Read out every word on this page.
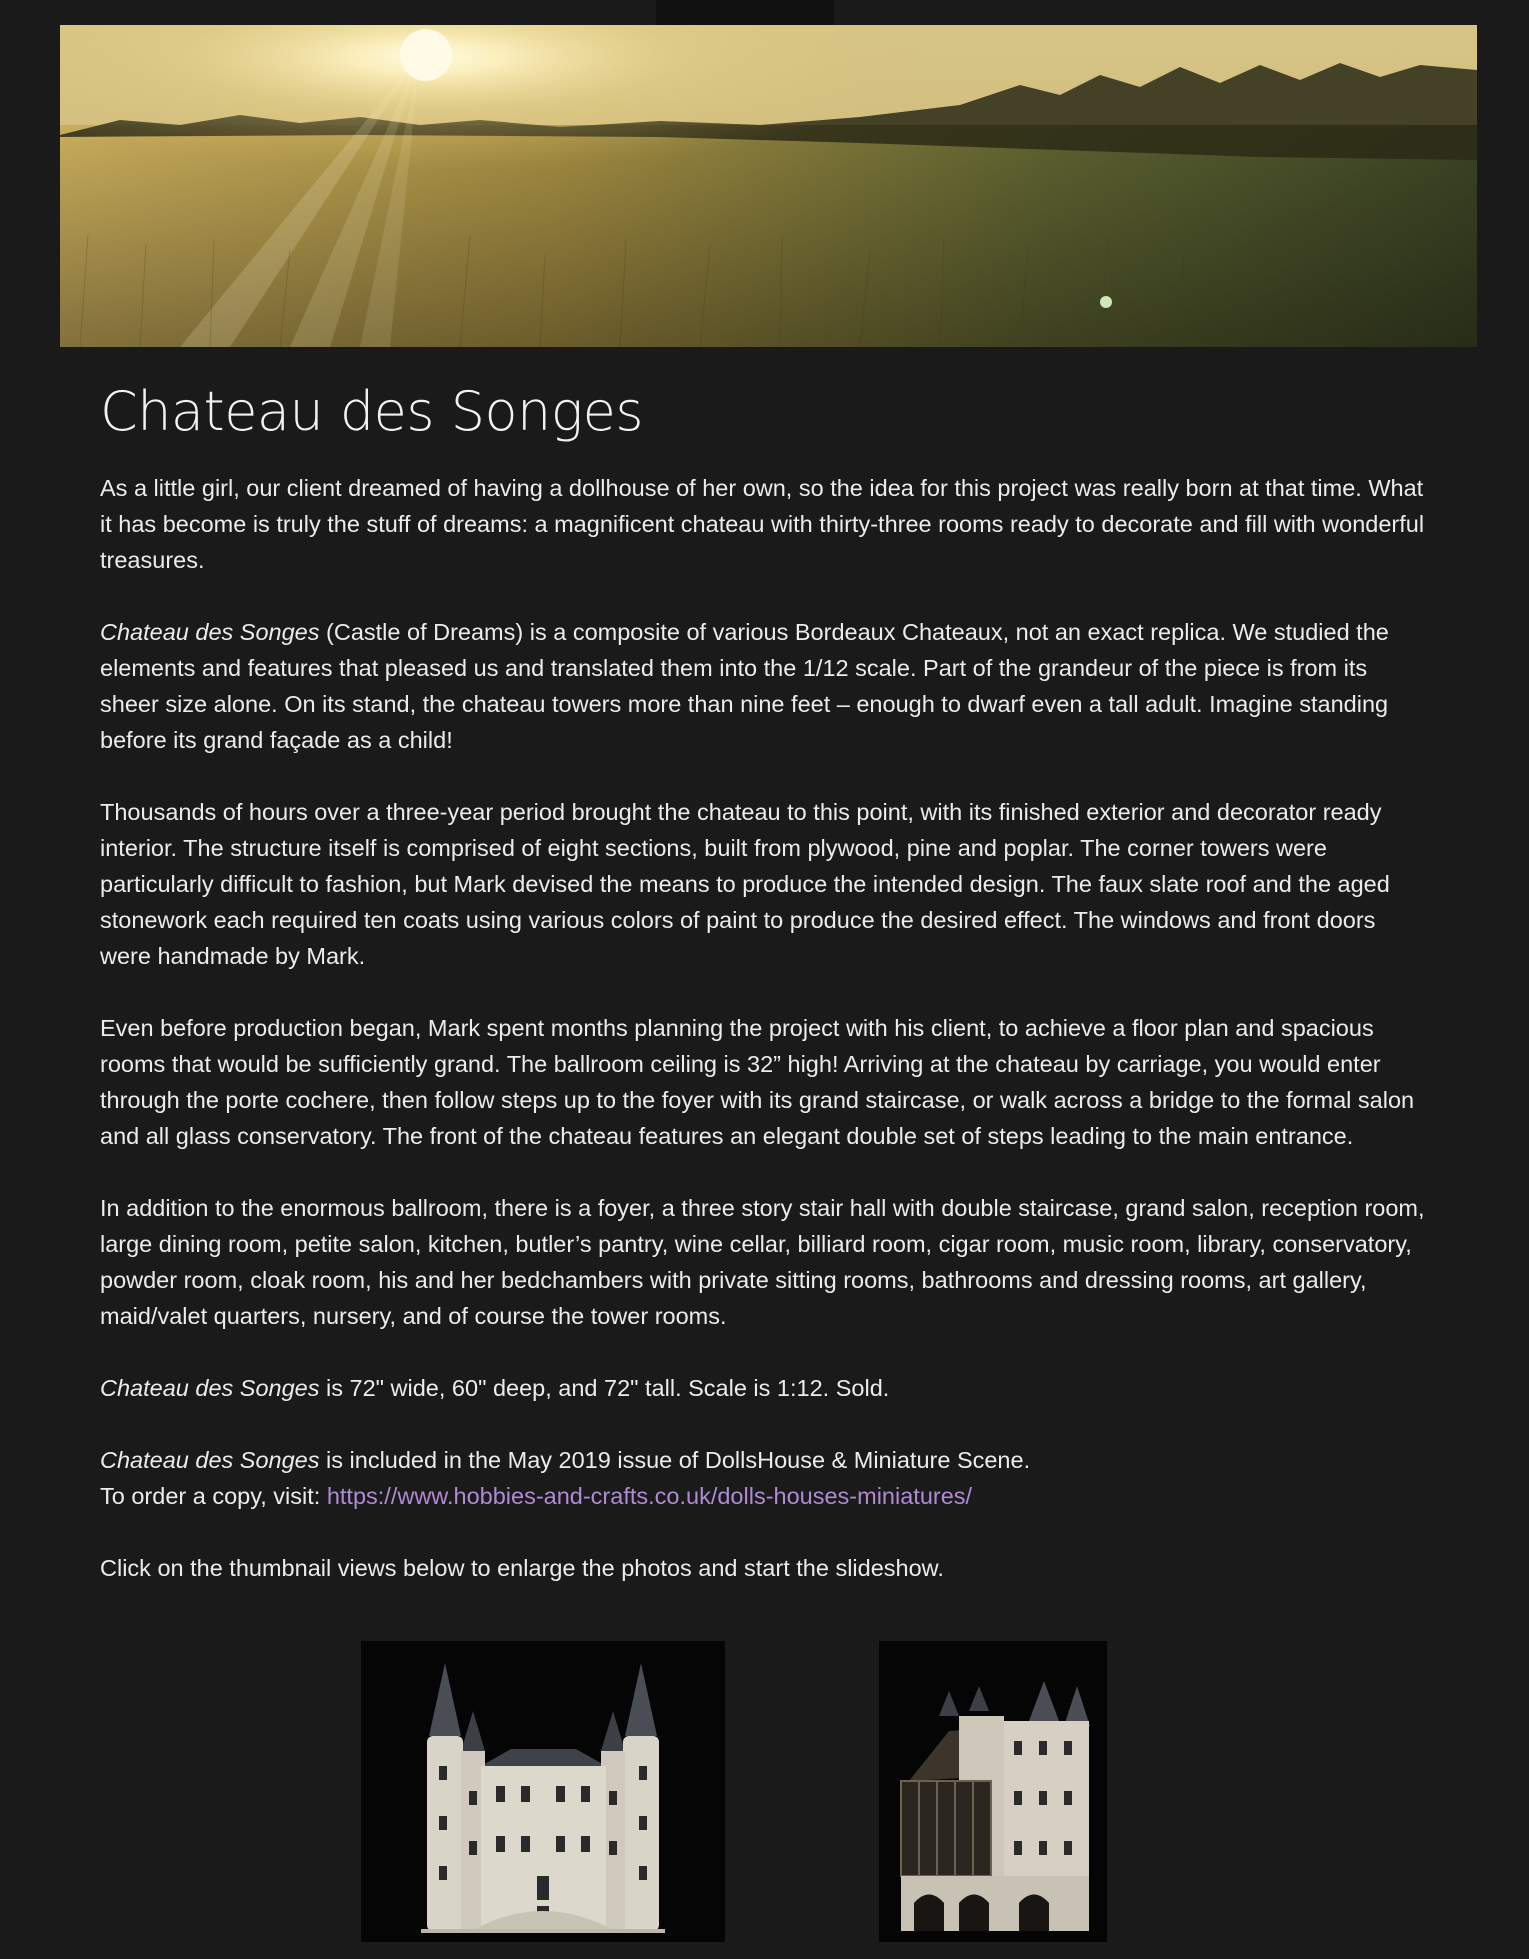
Chateau des Songes

As a little girl, our client dreamed of having a dollhouse of her own, so the idea for this project was really born at that time. What it has become is truly the stuff of dreams: a magnificent chateau with thirty-three rooms ready to decorate and fill with wonderful treasures.

Chateau des Songes (Castle of Dreams) is a composite of various Bordeaux Chateaux, not an exact replica. We studied the elements and features that pleased us and translated them into the 1/12 scale. Part of the grandeur of the piece is from its sheer size alone. On its stand, the chateau towers more than nine feet – enough to dwarf even a tall adult. Imagine standing before its grand façade as a child!

Thousands of hours over a three-year period brought the chateau to this point, with its finished exterior and decorator ready interior. The structure itself is comprised of eight sections, built from plywood, pine and poplar. The corner towers were particularly difficult to fashion, but Mark devised the means to produce the intended design. The faux slate roof and the aged stonework each required ten coats using various colors of paint to produce the desired effect. The windows and front doors were handmade by Mark.

Even before production began, Mark spent months planning the project with his client, to achieve a floor plan and spacious rooms that would be sufficiently grand. The ballroom ceiling is 32” high! Arriving at the chateau by carriage, you would enter through the porte cochere, then follow steps up to the foyer with its grand staircase, or walk across a bridge to the formal salon and all glass conservatory. The front of the chateau features an elegant double set of steps leading to the main entrance.

In addition to the enormous ballroom, there is a foyer, a three story stair hall with double staircase, grand salon, reception room, large dining room, petite salon, kitchen, butler’s pantry, wine cellar, billiard room, cigar room, music room, library, conservatory, powder room, cloak room, his and her bedchambers with private sitting rooms, bathrooms and dressing rooms, art gallery, maid/valet quarters, nursery, and of course the tower rooms.

Chateau des Songes is 72" wide, 60" deep, and 72" tall. Scale is 1:12. Sold.

Chateau des Songes is included in the May 2019 issue of DollsHouse & Miniature Scene.
To order a copy, visit: https://www.hobbies-and-crafts.co.uk/dolls-houses-miniatures/

Click on the thumbnail views below to enlarge the photos and start the slideshow.
